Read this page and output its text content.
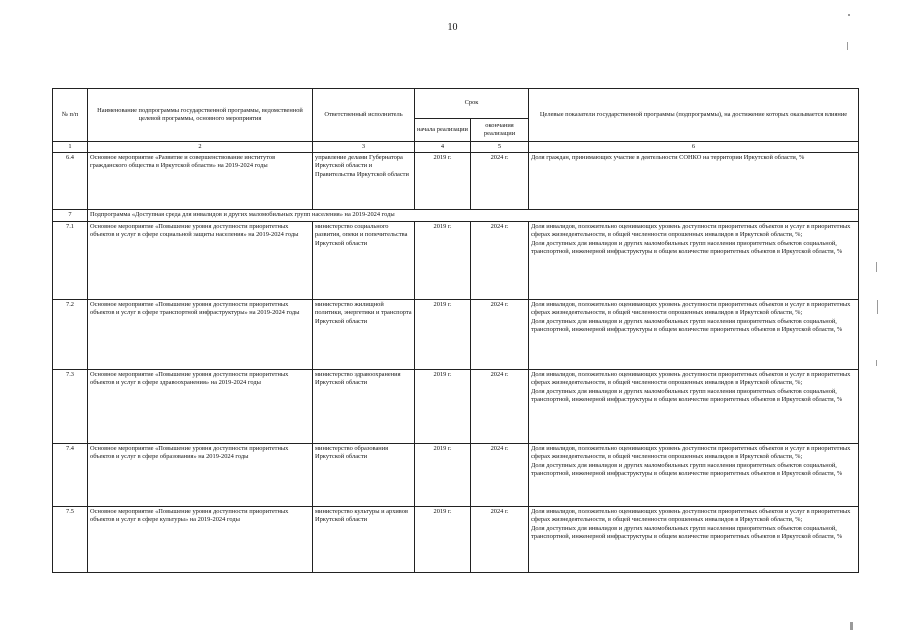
10
№ п/п	Наименование подпрограммы государственной программы, ведомственной целевой программы, основного мероприятия	Ответственный исполнитель	Срок		Целевые показатели государственной программы (подпрограммы), на достижение которых оказывается влияние
			начала реализации	окончания реализации	
1	2	3	4	5	6
6.4	Основное мероприятие «Развитие и совершенствование институтов гражданского общества в Иркутской области» на 2019-2024 годы	управление делами Губернатора Иркутской области и Правительства Иркутской области	2019 г.	2024 г.	Доля граждан, принимающих участие в деятельности СОНКО на территории Иркутской области, %

7	Подпрограмма «Доступная среда для инвалидов и других маломобильных групп населения» на 2019-2024 годы				
7.1	Основное мероприятие «Повышение уровня доступности приоритетных объектов и услуг в сфере социальной защиты населения» на 2019-2024 годы	министерство социального развития, опеки и попечительства Иркутской области	2019 г.	2024 г.	Доля инвалидов, положительно оценивающих уровень доступности приоритетных объектов и услуг в приоритетных сферах жизнедеятельности, в общей численности опрошенных инвалидов в Иркутской области, %;
Доля доступных для инвалидов и других маломобильных групп населения приоритетных объектов социальной, транспортной, инженерной инфраструктуры в общем количестве приоритетных объектов в Иркутской области, %

7.2	Основное мероприятие «Повышение уровня доступности приоритетных объектов и услуг в сфере транспортной инфраструктуры» на 2019-2024 годы	министерство жилищной политики, энергетики и транспорта Иркутской области	2019 г.	2024 г.	Доля инвалидов, положительно оценивающих уровень доступности приоритетных объектов и услуг в приоритетных сферах жизнедеятельности, в общей численности опрошенных инвалидов в Иркутской области, %;
Доля доступных для инвалидов и других маломобильных групп населения приоритетных объектов социальной, транспортной, инженерной инфраструктуры в общем количестве приоритетных объектов в Иркутской области, %

7.3	Основное мероприятие «Повышение уровня доступности приоритетных объектов и услуг в сфере здравоохранения» на 2019-2024 годы	министерство здравоохранения Иркутской области	2019 г.	2024 г.	Доля инвалидов, положительно оценивающих уровень доступности приоритетных объектов и услуг в приоритетных сферах жизнедеятельности, в общей численности опрошенных инвалидов в Иркутской области, %;
Доля доступных для инвалидов и других маломобильных групп населения приоритетных объектов социальной, транспортной, инженерной инфраструктуры в общем количестве приоритетных объектов в Иркутской области, %

7.4	Основное мероприятие «Повышение уровня доступности приоритетных объектов и услуг в сфере образования» на 2019-2024 годы	министерство образования Иркутской области	2019 г.	2024 г.	Доля инвалидов, положительно оценивающих уровень доступности приоритетных объектов и услуг в приоритетных сферах жизнедеятельности, в общей численности опрошенных инвалидов в Иркутской области, %;
Доля доступных для инвалидов и других маломобильных групп населения приоритетных объектов социальной, транспортной, инженерной инфраструктуры в общем количестве приоритетных объектов в Иркутской области, %

7.5	Основное мероприятие «Повышение уровня доступности приоритетных объектов и услуг в сфере культуры» на 2019-2024 годы	министерство культуры и архивов Иркутской области	2019 г.	2024 г.	Доля инвалидов, положительно оценивающих уровень доступности приоритетных объектов и услуг в приоритетных сферах жизнедеятельности, в общей численности опрошенных инвалидов в Иркутской области, %;
Доля доступных для инвалидов и других маломобильных групп населения приоритетных объектов социальной, транспортной, инженерной инфраструктуры в общем количестве приоритетных объектов в Иркутской области, %
